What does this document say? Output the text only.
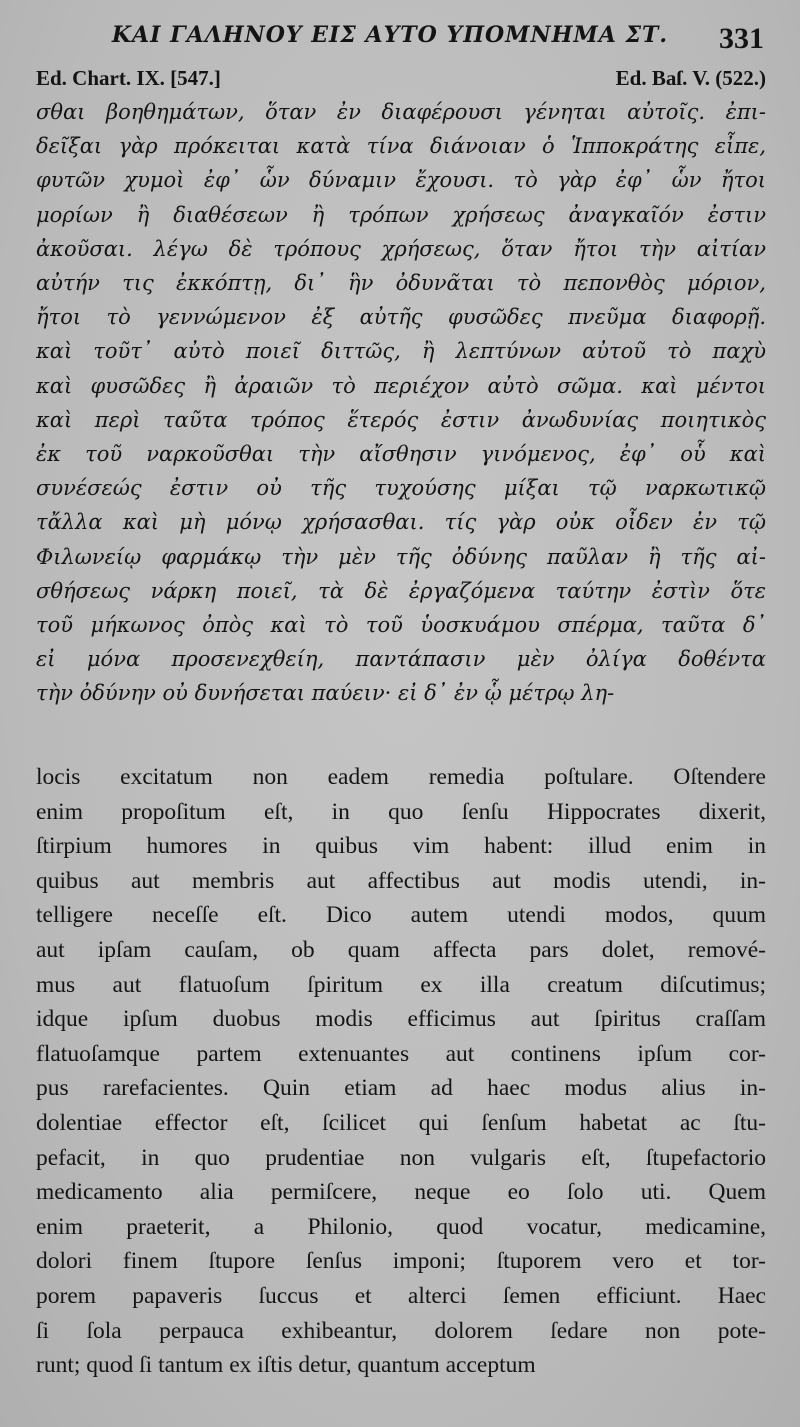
ΚΑΙ ΓΑΛΗΝΟΥ ΕΙΣ ΑΥΤΟ ΥΠΟΜΝΗΜΑ ΣΤ. 331
Ed. Chart. IX. [547.]	Ed. Baſ. V. (522.)
σθαι βοηθημάτων, ὅταν ἐν διαφέρουσι γένηται αὐτοῖς. ἐπι-
δεῖξαι γὰρ πρόκειται κατὰ τίνα διάνοιαν ὁ Ἱπποκράτης εἶπε,
φυτῶν χυμοὶ ἐφ᾽ ὧν δύναμιν ἔχουσι. τὸ γὰρ ἐφ᾽ ὧν ἤτοι
μορίων ἢ διαθέσεων ἢ τρόπων χρήσεως ἀναγκαῖόν ἐστιν
ἀκοῦσαι. λέγω δὲ τρόπους χρήσεως, ὅταν ἤτοι τὴν αἰτίαν
αὐτήν τις ἐκκόπτῃ, δι᾽ ἣν ὀδυνᾶται τὸ πεπονθὸς μόριον,
ἤτοι τὸ γεννώμενον ἐξ αὐτῆς φυσῶδες πνεῦμα διαφορῇ.
καὶ τοῦτ᾽ αὐτὸ ποιεῖ διττῶς, ἢ λεπτύνων αὐτοῦ τὸ παχὺ
καὶ φυσῶδες ἢ ἀραιῶν τὸ περιέχον αὐτὸ σῶμα. καὶ μέντοι
καὶ περὶ ταῦτα τρόπος ἕτερός ἐστιν ἀνωδυνίας ποιητικὸς
ἐκ τοῦ ναρκοῦσθαι τὴν αἴσθησιν γινόμενος, ἐφ᾽ οὗ καὶ
συνέσεώς ἐστιν οὐ τῆς τυχούσης μίξαι τῷ ναρκωτικῷ
τἄλλα καὶ μὴ μόνῳ χρήσασθαι. τίς γὰρ οὐκ οἶδεν ἐν τῷ
Φιλωνείῳ φαρμάκῳ τὴν μὲν τῆς ὀδύνης παῦλαν ἢ τῆς αἰ-
σθήσεως νάρκη ποιεῖ, τὰ δὲ ἐργαζόμενα ταύτην ἐστὶν ὅτε
τοῦ μήκωνος ὀπὸς καὶ τὸ τοῦ ὑοσκυάμου σπέρμα, ταῦτα δ᾽
εἰ μόνα προσενεχθείη, παντάπασιν μὲν ὀλίγα δοθέντα
τὴν ὀδύνην οὐ δυνήσεται παύειν· εἰ δ᾽ ἐν ᾧ μέτρῳ λη-
locis excitatum non eadem remedia poſtulare. Oſtendere
enim propoſitum eſt, in quo ſenſu Hippocrates dixerit,
ſtirpium humores in quibus vim habent: illud enim in
quibus aut membris aut affectibus aut modis utendi, in-
telligere neceſſe eſt. Dico autem utendi modos, quum
aut ipſam cauſam, ob quam affecta pars dolet, remové-
mus aut flatuoſum ſpiritum ex illa creatum diſcutimus;
idque ipſum duobus modis efficimus aut ſpiritus craſſam
flatuoſamque partem extenuantes aut continens ipſum cor-
pus rarefacientes. Quin etiam ad haec modus alius in-
dolentiae effector eſt, ſcilicet qui ſenſum habetat ac ſtu-
pefacit, in quo prudentiae non vulgaris eſt, ſtupefactorio
medicamento alia permiſcere, neque eo ſolo uti. Quem
enim praeterit, a Philonio, quod vocatur, medicamine,
dolori finem ſtupore ſenſus imponi; ſtuporem vero et tor-
porem papaveris ſuccus et alterci ſemen efficiunt. Haec
ſi ſola perpauca exhibeantur, dolorem ſedare non pote-
runt; quod ſi tantum ex iſtis detur, quantum acceptum
